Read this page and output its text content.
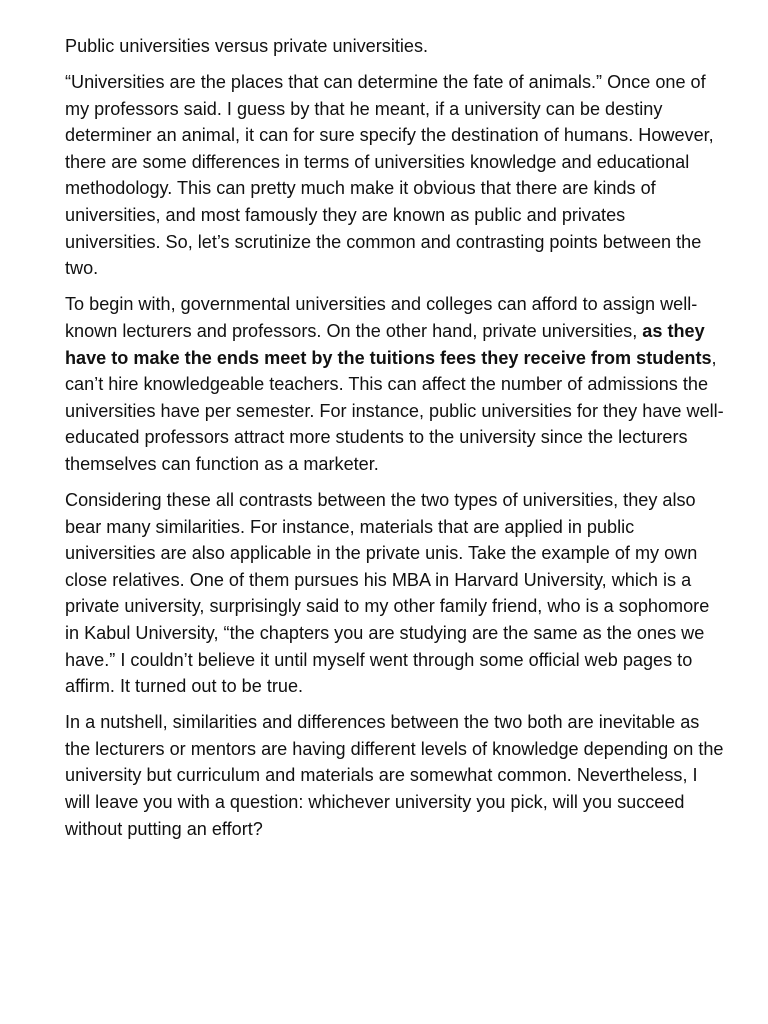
Public universities versus private universities.

“Universities are the places that can determine the fate of animals.” Once one of my professors said. I guess by that he meant, if a university can be destiny determiner an animal, it can for sure specify the destination of humans. However, there are some differences in terms of universities knowledge and educational methodology. This can pretty much make it obvious that there are kinds of universities, and most famously they are known as public and privates universities. So, let’s scrutinize the common and contrasting points between the two.

To begin with, governmental universities and colleges can afford to assign well-known lecturers and professors. On the other hand, private universities, as they have to make the ends meet by the tuitions fees they receive from students, can’t hire knowledgeable teachers. This can affect the number of admissions the universities have per semester. For instance, public universities for they have well-educated professors attract more students to the university since the lecturers themselves can function as a marketer.

Considering these all contrasts between the two types of universities, they also bear many similarities. For instance, materials that are applied in public universities are also applicable in the private unis. Take the example of my own close relatives. One of them pursues his MBA in Harvard University, which is a private university, surprisingly said to my other family friend, who is a sophomore in Kabul University, “the chapters you are studying are the same as the ones we have.” I couldn’t believe it until myself went through some official web pages to affirm. It turned out to be true.

In a nutshell, similarities and differences between the two both are inevitable as the lecturers or mentors are having different levels of knowledge depending on the university but curriculum and materials are somewhat common. Nevertheless, I will leave you with a question: whichever university you pick, will you succeed without putting an effort?
